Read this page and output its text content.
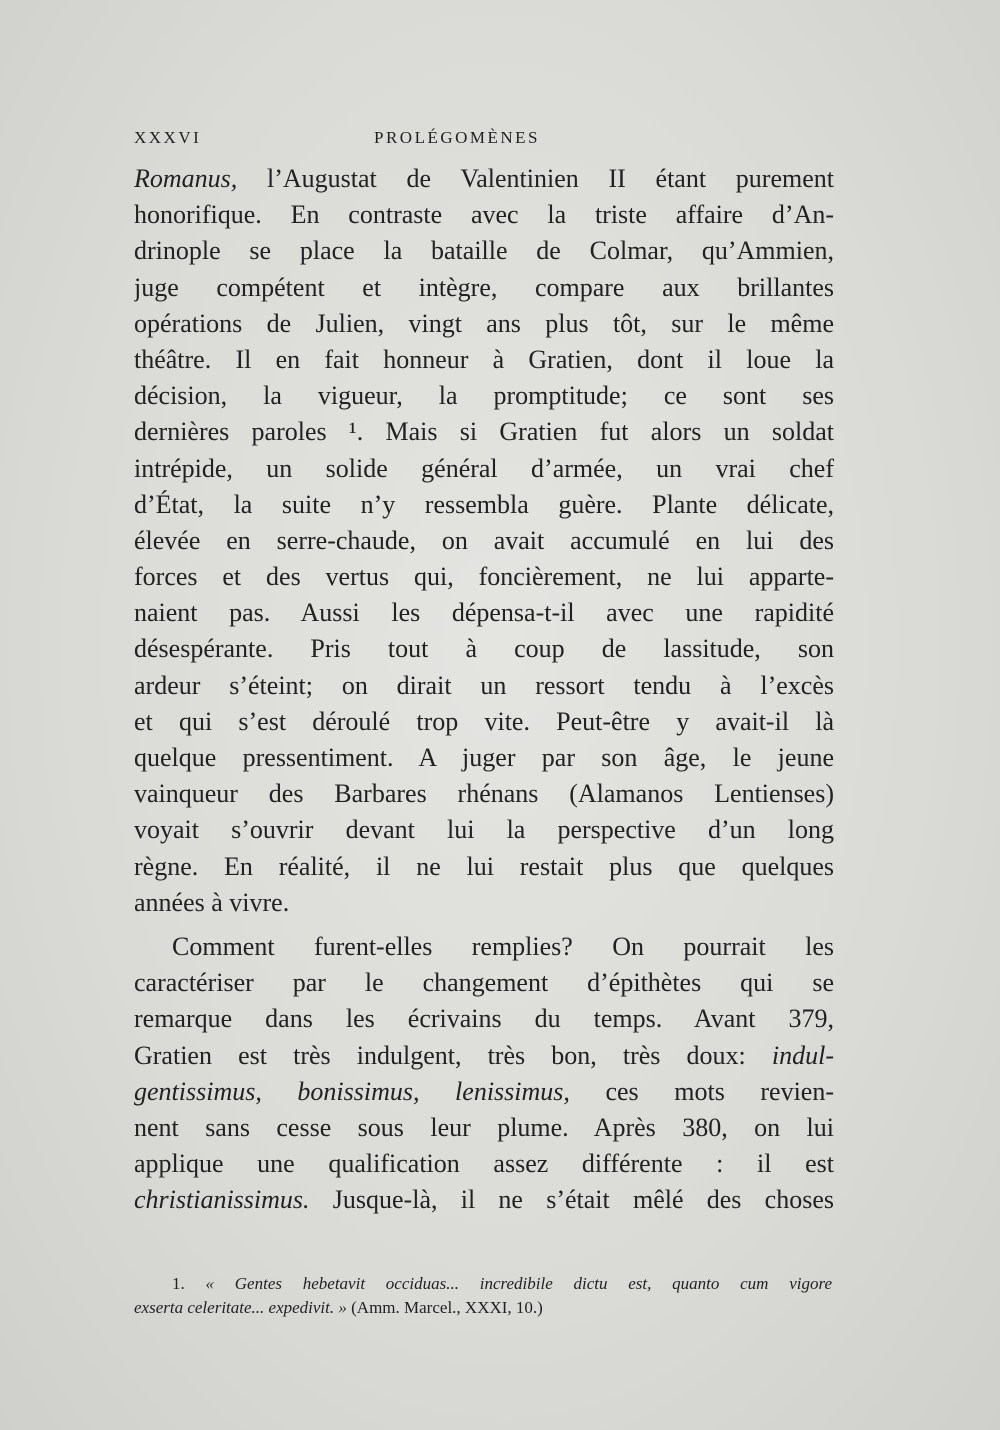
XXXVI	PROLÉGOMÈNES
Romanus, l’Augustat de Valentinien II étant purement
honorifique. En contraste avec la triste affaire d’An-
drinople se place la bataille de Colmar, qu’Ammien,
juge compétent et intègre, compare aux brillantes
opérations de Julien, vingt ans plus tôt, sur le même
théâtre. Il en fait honneur à Gratien, dont il loue la
décision, la vigueur, la promptitude; ce sont ses
dernières paroles ¹. Mais si Gratien fut alors un soldat
intrépide, un solide général d’armée, un vrai chef
d’État, la suite n’y ressembla guère. Plante délicate,
élevée en serre-chaude, on avait accumulé en lui des
forces et des vertus qui, foncièrement, ne lui apparte-
naient pas. Aussi les dépensa-t-il avec une rapidité
désespérante. Pris tout à coup de lassitude, son
ardeur s’éteint; on dirait un ressort tendu à l’excès
et qui s’est déroulé trop vite. Peut-être y avait-il là
quelque pressentiment. A juger par son âge, le jeune
vainqueur des Barbares rhénans (Alamanos Lentienses)
voyait s’ouvrir devant lui la perspective d’un long
règne. En réalité, il ne lui restait plus que quelques
années à vivre.
Comment furent-elles remplies? On pourrait les
caractériser par le changement d’épithètes qui se
remarque dans les écrivains du temps. Avant 379,
Gratien est très indulgent, très bon, très doux: indul-
gentissimus, bonissimus, lenissimus, ces mots revien-
nent sans cesse sous leur plume. Après 380, on lui
applique une qualification assez différente : il est
christianissimus. Jusque-là, il ne s’était mêlé des choses
1. « Gentes hebetavit occiduas... incredibile dictu est, quanto cum vigore
exserta celeritate... expedivit. » (Amm. Marcel., XXXI, 10.)
